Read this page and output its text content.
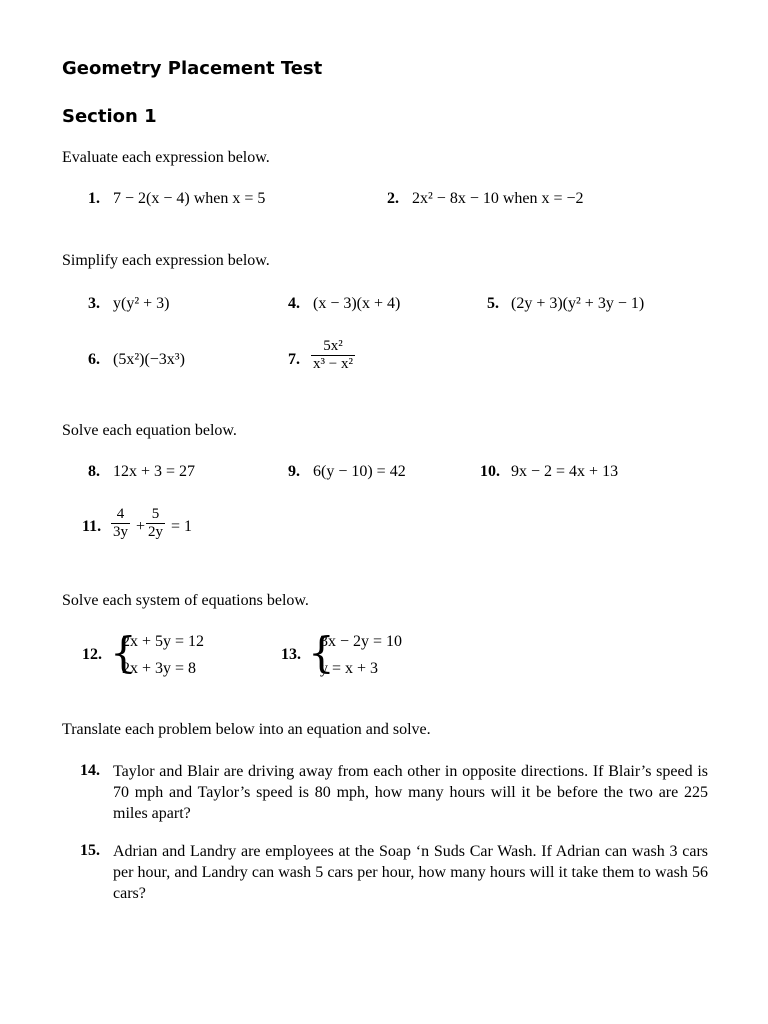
Geometry Placement Test
Section 1
Evaluate each expression below.
1. 7 − 2(x − 4) when x = 5	2. 2x² − 8x − 10 when x = −2
Simplify each expression below.
3. y(y² + 3)	4. (x − 3)(x + 4)	5. (2y + 3)(y² + 3y − 1)
6. (5x²)(−3x³)	7.
5x²
x³ − x²
Solve each equation below.
8. 12x + 3 = 27	9. 6(y − 10) = 42	10. 9x − 2 = 4x + 13
11.
4
3y +
5
2y = 1
Solve each system of equations below.
12. {
2x + 5y = 12
2x + 3y = 8
13. {
3x − 2y = 10
y = x + 3
Translate each problem below into an equation and solve.
14. Taylor and Blair are driving away from each other in opposite directions. If Blair’s speed is 70 mph and Taylor’s speed is 80 mph, how many hours will it be before the two are 225 miles apart?
15. Adrian and Landry are employees at the Soap ‘n Suds Car Wash. If Adrian can wash 3 cars per hour, and Landry can wash 5 cars per hour, how many hours will it take them to wash 56 cars?
